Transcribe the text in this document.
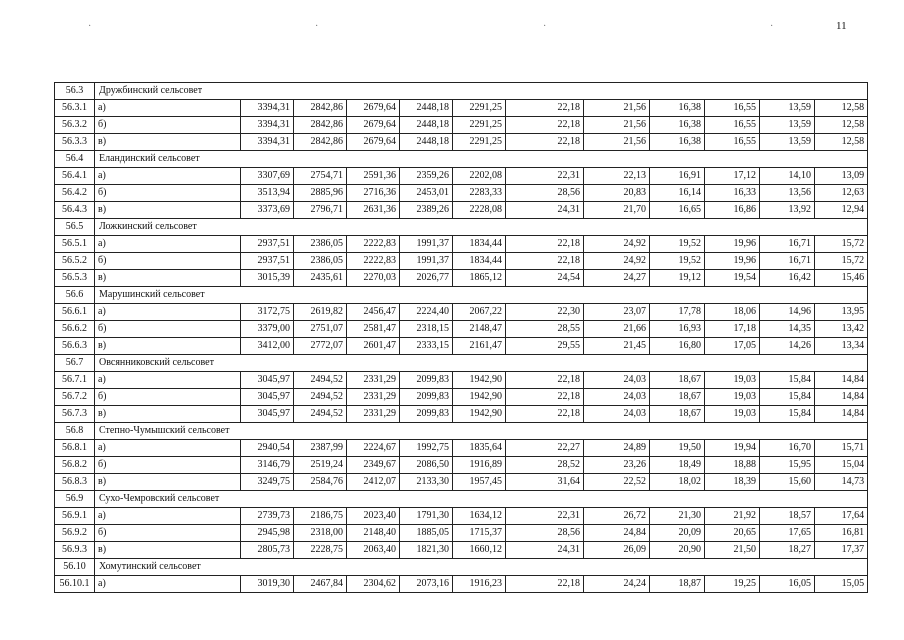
·	·	·	·	11
56.3	Дружбинский сельсовет											
56.3.1	а)	3394,31	2842,86	2679,64	2448,18	2291,25	22,18	21,56	16,38	16,55	13,59	12,58
56.3.2	б)	3394,31	2842,86	2679,64	2448,18	2291,25	22,18	21,56	16,38	16,55	13,59	12,58
56.3.3	в)	3394,31	2842,86	2679,64	2448,18	2291,25	22,18	21,56	16,38	16,55	13,59	12,58
56.4	Еландинский сельсовет											
56.4.1	а)	3307,69	2754,71	2591,36	2359,26	2202,08	22,31	22,13	16,91	17,12	14,10	13,09
56.4.2	б)	3513,94	2885,96	2716,36	2453,01	2283,33	28,56	20,83	16,14	16,33	13,56	12,63
56.4.3	в)	3373,69	2796,71	2631,36	2389,26	2228,08	24,31	21,70	16,65	16,86	13,92	12,94
56.5	Ложкинский сельсовет											
56.5.1	а)	2937,51	2386,05	2222,83	1991,37	1834,44	22,18	24,92	19,52	19,96	16,71	15,72
56.5.2	б)	2937,51	2386,05	2222,83	1991,37	1834,44	22,18	24,92	19,52	19,96	16,71	15,72
56.5.3	в)	3015,39	2435,61	2270,03	2026,77	1865,12	24,54	24,27	19,12	19,54	16,42	15,46
56.6	Марушинский сельсовет											
56.6.1	а)	3172,75	2619,82	2456,47	2224,40	2067,22	22,30	23,07	17,78	18,06	14,96	13,95
56.6.2	б)	3379,00	2751,07	2581,47	2318,15	2148,47	28,55	21,66	16,93	17,18	14,35	13,42
56.6.3	в)	3412,00	2772,07	2601,47	2333,15	2161,47	29,55	21,45	16,80	17,05	14,26	13,34
56.7	Овсянниковский сельсовет											
56.7.1	а)	3045,97	2494,52	2331,29	2099,83	1942,90	22,18	24,03	18,67	19,03	15,84	14,84
56.7.2	б)	3045,97	2494,52	2331,29	2099,83	1942,90	22,18	24,03	18,67	19,03	15,84	14,84
56.7.3	в)	3045,97	2494,52	2331,29	2099,83	1942,90	22,18	24,03	18,67	19,03	15,84	14,84
56.8	Степно-Чумышский сельсовет											
56.8.1	а)	2940,54	2387,99	2224,67	1992,75	1835,64	22,27	24,89	19,50	19,94	16,70	15,71
56.8.2	б)	3146,79	2519,24	2349,67	2086,50	1916,89	28,52	23,26	18,49	18,88	15,95	15,04
56.8.3	в)	3249,75	2584,76	2412,07	2133,30	1957,45	31,64	22,52	18,02	18,39	15,60	14,73
56.9	Сухо-Чемровский сельсовет											
56.9.1	а)	2739,73	2186,75	2023,40	1791,30	1634,12	22,31	26,72	21,30	21,92	18,57	17,64
56.9.2	б)	2945,98	2318,00	2148,40	1885,05	1715,37	28,56	24,84	20,09	20,65	17,65	16,81
56.9.3	в)	2805,73	2228,75	2063,40	1821,30	1660,12	24,31	26,09	20,90	21,50	18,27	17,37
56.10	Хомутинский сельсовет											
56.10.1	а)	3019,30	2467,84	2304,62	2073,16	1916,23	22,18	24,24	18,87	19,25	16,05	15,05
